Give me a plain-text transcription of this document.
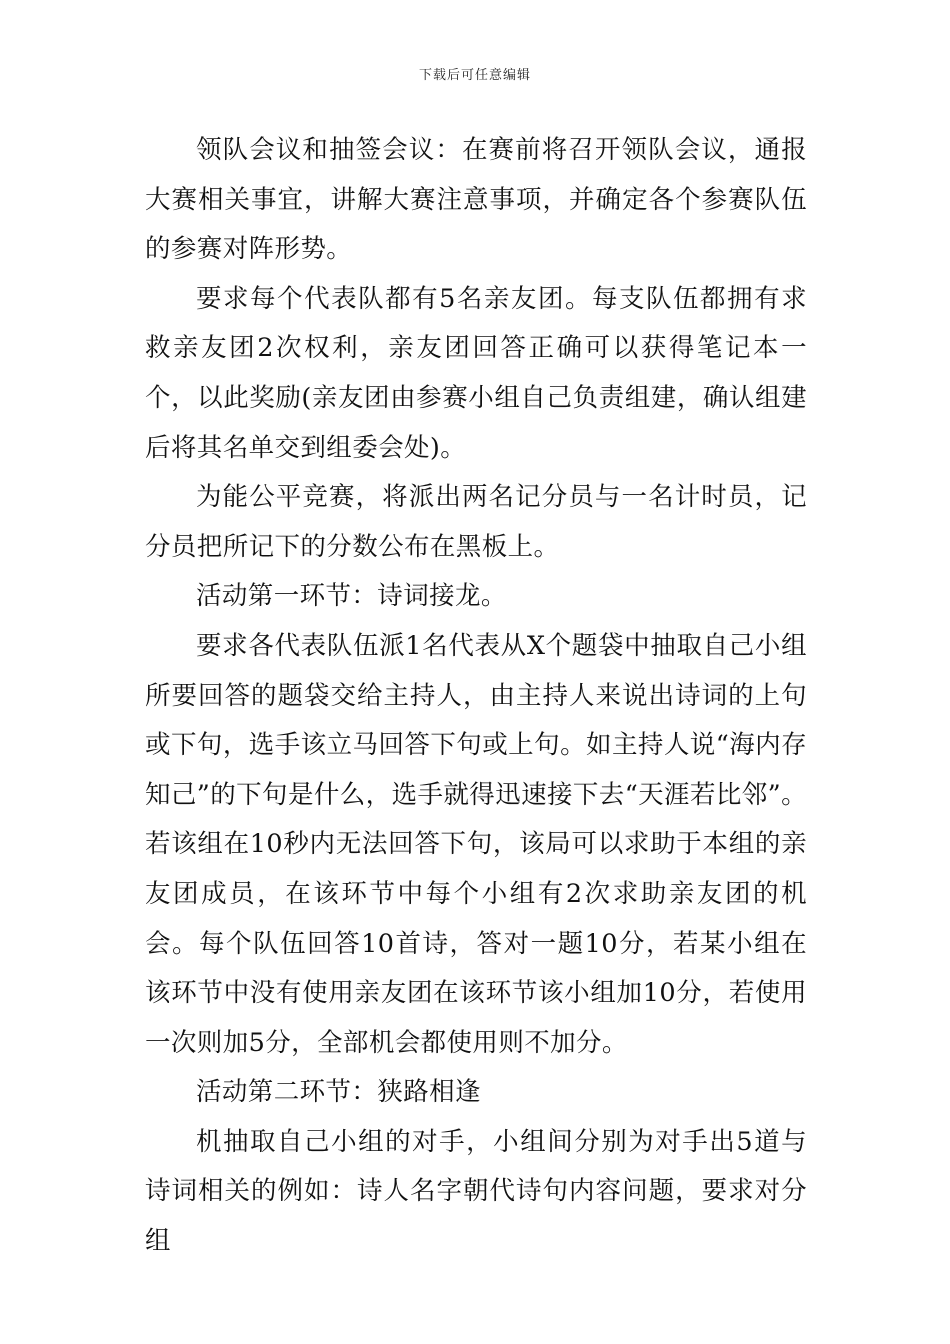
下载后可任意编辑

领队会议和抽签会议：在赛前将召开领队会议，通报大赛相关事宜，讲解大赛注意事项，并确定各个参赛队伍的参赛对阵形势。

要求每个代表队都有5名亲友团。每支队伍都拥有求救亲友团2次权利，亲友团回答正确可以获得笔记本一个，以此奖励(亲友团由参赛小组自己负责组建，确认组建后将其名单交到组委会处)。

为能公平竞赛，将派出两名记分员与一名计时员，记分员把所记下的分数公布在黑板上。

活动第一环节：诗词接龙。

要求各代表队伍派1名代表从X个题袋中抽取自己小组所要回答的题袋交给主持人，由主持人来说出诗词的上句或下句，选手该立马回答下句或上句。如主持人说“海内存知己”的下句是什么，选手就得迅速接下去“天涯若比邻”。若该组在10秒内无法回答下句，该局可以求助于本组的亲友团成员，在该环节中每个小组有2次求助亲友团的机会。每个队伍回答10首诗，答对一题10分，若某小组在该环节中没有使用亲友团在该环节该小组加10分，若使用一次则加5分，全部机会都使用则不加分。

活动第二环节：狭路相逢

机抽取自己小组的对手，小组间分别为对手出5道与诗词相关的例如：诗人名字朝代诗句内容问题，要求对分组
